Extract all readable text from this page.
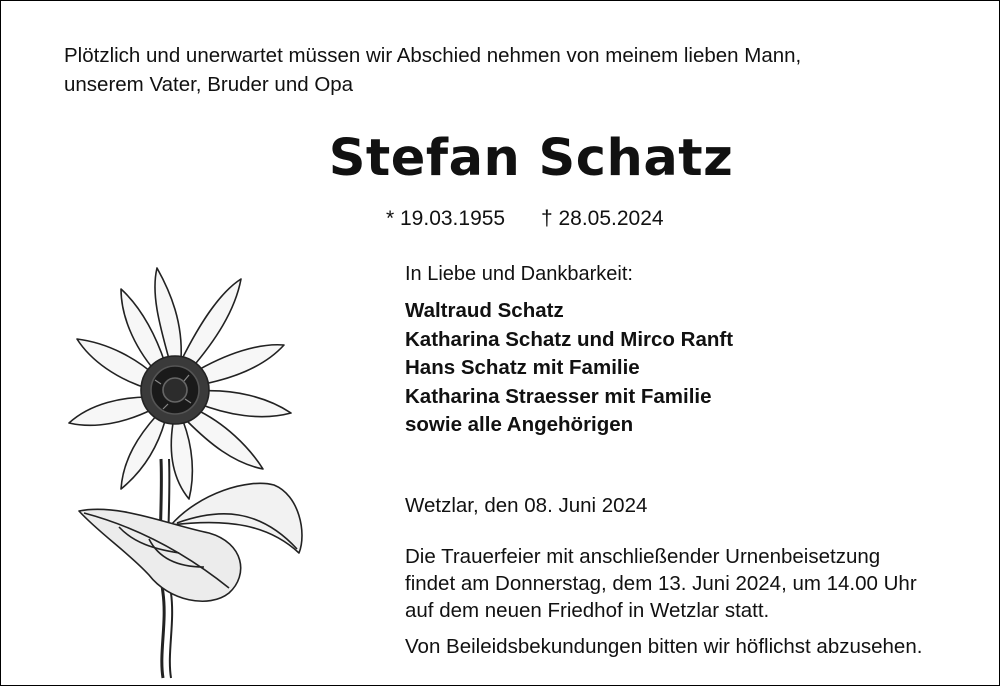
Plötzlich und unerwartet müssen wir Abschied nehmen von meinem lieben Mann,
unserem Vater, Bruder und Opa

Stefan Schatz
* 19.03.1955 † 28.05.2024
In Liebe und Dankbarkeit:
Waltraud Schatz
Katharina Schatz und Mirco Ranft
Hans Schatz mit Familie
Katharina Straesser mit Familie
sowie alle Angehörigen
Wetzlar, den 08. Juni 2024

Die Trauerfeier mit anschließender Urnenbeisetzung
findet am Donnerstag, dem 13. Juni 2024, um 14.00 Uhr
auf dem neuen Friedhof in Wetzlar statt.

Von Beileidsbekundungen bitten wir höflichst abzusehen.
